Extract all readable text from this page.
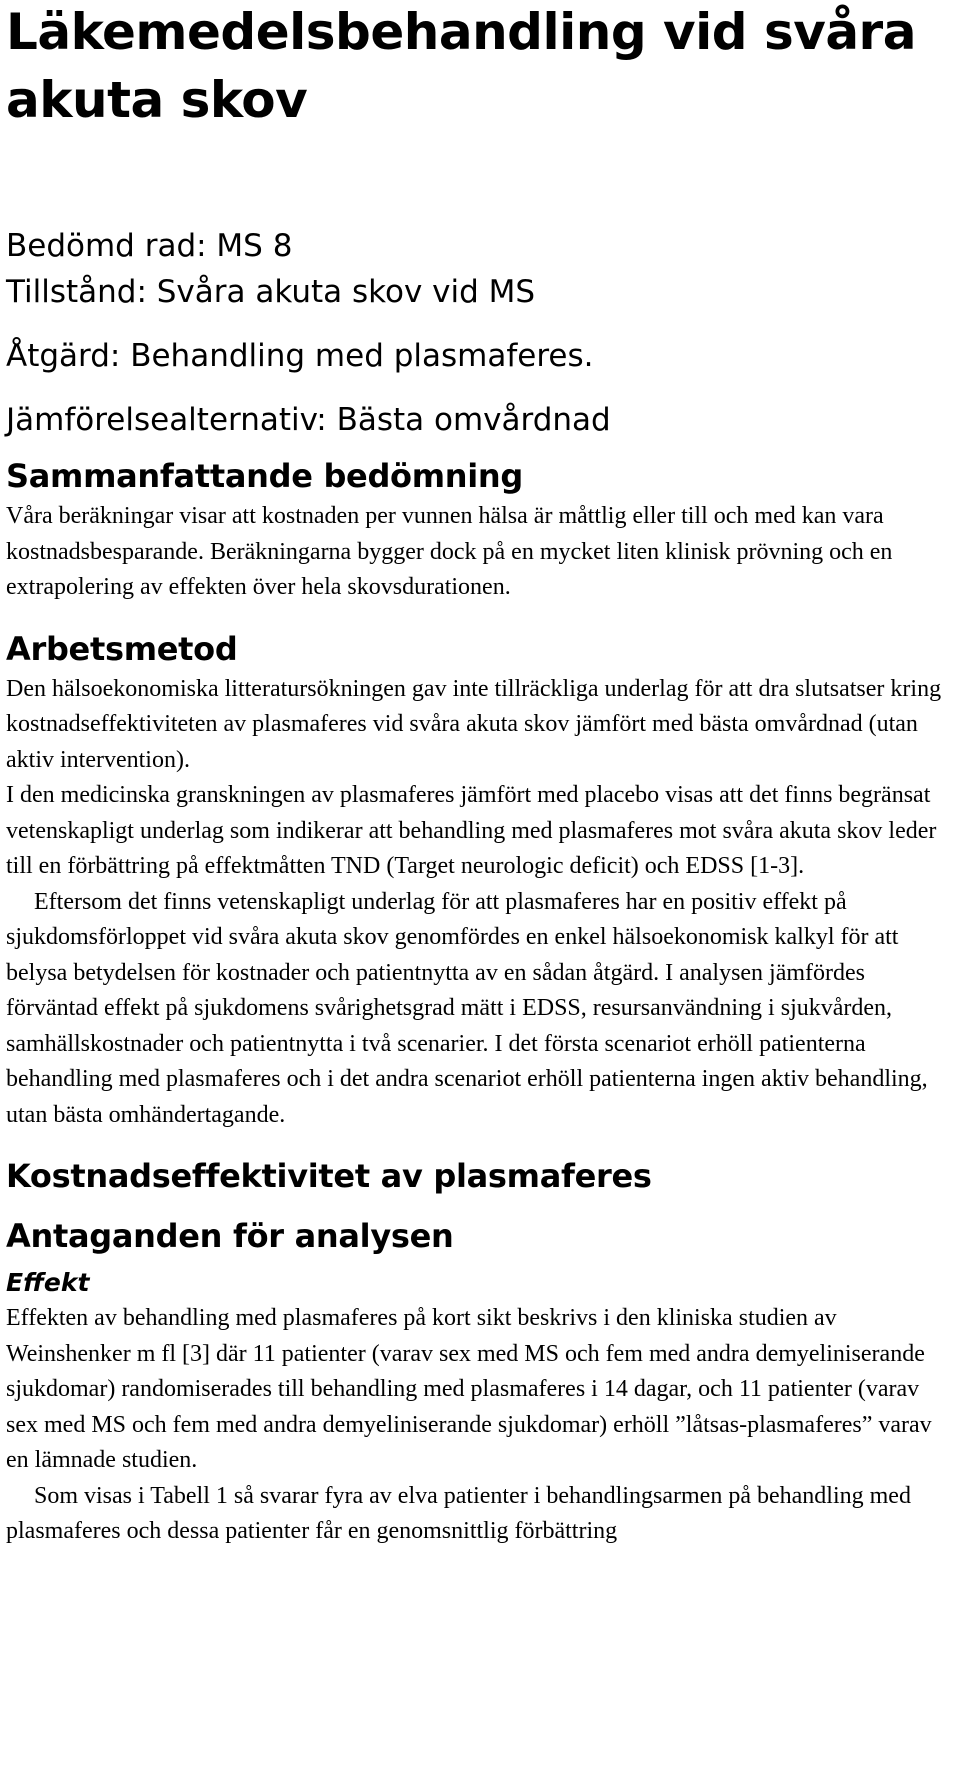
Läkemedelsbehandling vid svåra akuta skov

Bedömd rad: MS 8

Tillstånd: Svåra akuta skov vid MS

Åtgärd: Behandling med plasmaferes.

Jämförelsealternativ: Bästa omvårdnad

Sammanfattande bedömning

Våra beräkningar visar att kostnaden per vunnen hälsa är måttlig eller till och med kan vara kostnadsbesparande. Beräkningarna bygger dock på en mycket liten klinisk prövning och en extrapolering av effekten över hela skovsdurationen.

Arbetsmetod

Den hälsoekonomiska litteratursökningen gav inte tillräckliga underlag för att dra slutsatser kring kostnadseffektiviteten av plasmaferes vid svåra akuta skov jämfört med bästa omvårdnad (utan aktiv intervention).

I den medicinska granskningen av plasmaferes jämfört med placebo visas att det finns begränsat vetenskapligt underlag som indikerar att behandling med plasmaferes mot svåra akuta skov leder till en förbättring på effektmåtten TND (Target neurologic deficit) och EDSS [1-3].

Eftersom det finns vetenskapligt underlag för att plasmaferes har en positiv effekt på sjukdomsförloppet vid svåra akuta skov genomfördes en enkel hälsoekonomisk kalkyl för att belysa betydelsen för kostnader och patientnytta av en sådan åtgärd. I analysen jämfördes förväntad effekt på sjukdomens svårighetsgrad mätt i EDSS, resursanvändning i sjukvården, samhällskostnader och patientnytta i två scenarier. I det första scenariot erhöll patienterna behandling med plasmaferes och i det andra scenariot erhöll patienterna ingen aktiv behandling, utan bästa omhändertagande.

Kostnadseffektivitet av plasmaferes
Antaganden för analysen
Effekt

Effekten av behandling med plasmaferes på kort sikt beskrivs i den kliniska studien av Weinshenker m fl [3] där 11 patienter (varav sex med MS och fem med andra demyeliniserande sjukdomar) randomiserades till behandling med plasmaferes i 14 dagar, och 11 patienter (varav sex med MS och fem med andra demyeliniserande sjukdomar) erhöll ”låtsas-plasmaferes” varav en lämnade studien.

Som visas i Tabell 1 så svarar fyra av elva patienter i behandlingsarmen på behandling med plasmaferes och dessa patienter får en genomsnittlig förbättring
